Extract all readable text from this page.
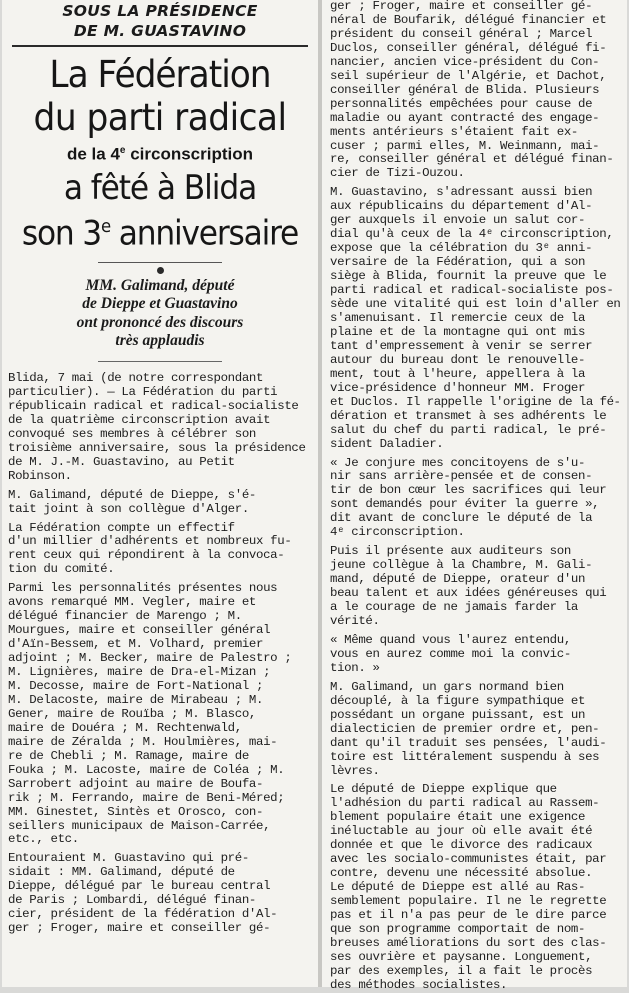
SOUS LA PRÉSIDENCE
DE M. GUASTAVINO
La Fédération
du parti radical
de la 4e circonscription
a fêté à Blida
son 3e anniversaire
MM. Galimand, député
de Dieppe et Guastavino
ont prononcé des discours
très applaudis
Blida, 7 mai (de notre correspondant
particulier). — La Fédération du parti
républicain radical et radical-socialiste
de la quatrième circonscription avait
convoqué ses membres à célébrer son
troisième anniversaire, sous la présidence
de M. J.-M. Guastavino, au Petit
Robinson.
M. Galimand, député de Dieppe, s'é-
tait joint à son collègue d'Alger.
La Fédération compte un effectif
d'un millier d'adhérents et nombreux fu-
rent ceux qui répondirent à la convoca-
tion du comité.
Parmi les personnalités présentes nous
avons remarqué MM. Vegler, maire et
délégué financier de Marengo ; M.
Mourgues, maire et conseiller général
d'Aïn-Bessem, et M. Volhard, premier
adjoint ; M. Becker, maire de Palestro ;
M. Lignières, maire de Dra-el-Mizan ;
M. Decosse, maire de Fort-National ;
M. Delacoste, maire de Mirabeau ; M.
Gener, maire de Rouïba ; M. Blasco,
maire de Douéra ; M. Rechtenwald,
maire de Zéralda ; M. Houlmières, mai-
re de Chebli ; M. Ramage, maire de
Fouka ; M. Lacoste, maire de Coléa ; M.
Sarrobert adjoint au maire de Boufa-
rik ; M. Ferrando, maire de Beni-Méred;
MM. Ginestet, Sintès et Orosco, con-
seillers municipaux de Maison-Carrée,
etc., etc.
Entouraient M. Guastavino qui pré-
sidait : MM. Galimand, député de
Dieppe, délégué par le bureau central
de Paris ; Lombardi, délégué finan-
cier, président de la fédération d'Al-
ger ; Froger, maire et conseiller gé-
ger ; Froger, maire et conseiller gé-
néral de Boufarik, délégué financier et
président du conseil général ; Marcel
Duclos, conseiller général, délégué fi-
nancier, ancien vice-président du Con-
seil supérieur de l'Algérie, et Dachot,
conseiller général de Blida. Plusieurs
personnalités empêchées pour cause de
maladie ou ayant contracté des engage-
ments antérieurs s'étaient fait ex-
cuser ; parmi elles, M. Weinmann, mai-
re, conseiller général et délégué finan-
cier de Tizi-Ouzou.
M. Guastavino, s'adressant aussi bien
aux républicains du département d'Al-
ger auxquels il envoie un salut cor-
dial qu'à ceux de la 4ᵉ circonscription,
expose que la célébration du 3ᵉ anni-
versaire de la Fédération, qui a son
siège à Blida, fournit la preuve que le
parti radical et radical-socialiste pos-
sède une vitalité qui est loin d'aller en
s'amenuisant. Il remercie ceux de la
plaine et de la montagne qui ont mis
tant d'empressement à venir se serrer
autour du bureau dont le renouvelle-
ment, tout à l'heure, appellera à la
vice-présidence d'honneur MM. Froger
et Duclos. Il rappelle l'origine de la fé-
dération et transmet à ses adhérents le
salut du chef du parti radical, le pré-
sident Daladier.
« Je conjure mes concitoyens de s'u-
nir sans arrière-pensée et de consen-
tir de bon cœur les sacrifices qui leur
sont demandés pour éviter la guerre »,
dit avant de conclure le député de la
4ᵉ circonscription.
Puis il présente aux auditeurs son
jeune collègue à la Chambre, M. Gali-
mand, député de Dieppe, orateur d'un
beau talent et aux idées généreuses qui
a le courage de ne jamais farder la
vérité.
« Même quand vous l'aurez entendu,
vous en aurez comme moi la convic-
tion. »
M. Galimand, un gars normand bien
découplé, à la figure sympathique et
possédant un organe puissant, est un
dialecticien de premier ordre et, pen-
dant qu'il traduit ses pensées, l'audi-
toire est littéralement suspendu à ses
lèvres.
Le député de Dieppe explique que
l'adhésion du parti radical au Rassem-
blement populaire était une exigence
inéluctable au jour où elle avait été
donnée et que le divorce des radicaux
avec les socialo-communistes était, par
contre, devenu une nécessité absolue.
Le député de Dieppe est allé au Ras-
semblement populaire. Il ne le regrette
pas et il n'a pas peur de le dire parce
que son programme comportait de nom-
breuses améliorations du sort des clas-
ses ouvrière et paysanne. Longuement,
par des exemples, il a fait le procès
des méthodes socialistes.
